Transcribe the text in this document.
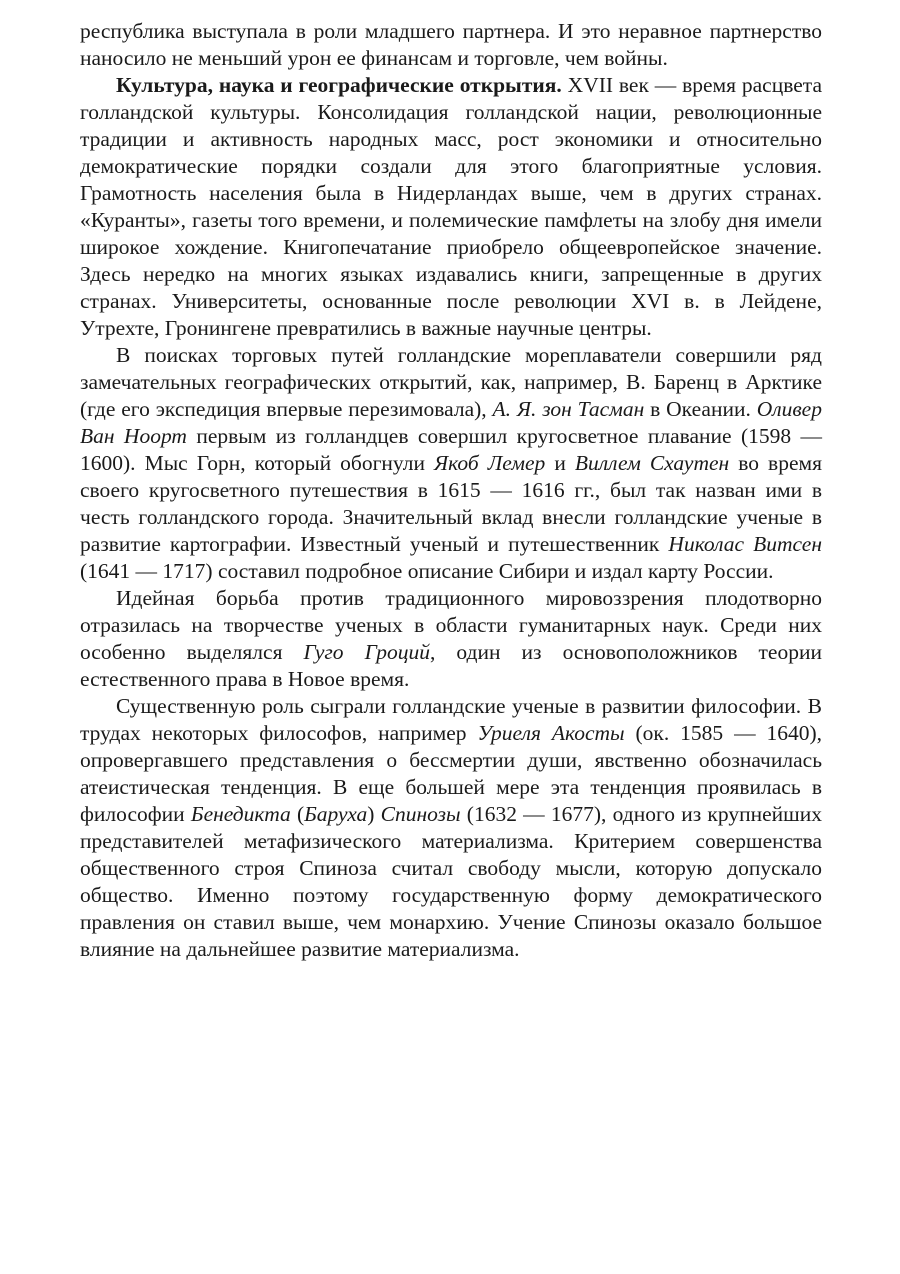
республика выступала в роли младшего партнера. И это неравное партнерство наносило не меньший урон ее финансам и торговле, чем войны.

Культура, наука и географические открытия. XVII век — время расцвета голландской культуры. Консолидация голландской нации, революционные традиции и активность народных масс, рост экономики и относительно демократические порядки создали для этого благоприятные условия. Грамотность населения была в Нидерландах выше, чем в других странах. «Куранты», газеты того времени, и полемические памфлеты на злобу дня имели широкое хождение. Книгопечатание приобрело общеевропейское значение. Здесь нередко на многих языках издавались книги, запрещенные в других странах. Университеты, основанные после революции XVI в. в Лейдене, Утрехте, Гронингене превратились в важные научные центры.

В поисках торговых путей голландские мореплаватели совершили ряд замечательных географических открытий, как, например, В. Баренц в Арктике (где его экспедиция впервые перезимовала), А. Я. зон Тасман в Океании. Оливер Ван Ноорт первым из голландцев совершил кругосветное плавание (1598 — 1600). Мыс Горн, который обогнули Якоб Лемер и Виллем Схаутен во время своего кругосветного путешествия в 1615 — 1616 гг., был так назван ими в честь голландского города. Значительный вклад внесли голландские ученые в развитие картографии. Известный ученый и путешественник Николас Витсен (1641 — 1717) составил подробное описание Сибири и издал карту России.

Идейная борьба против традиционного мировоззрения плодотворно отразилась на творчестве ученых в области гуманитарных наук. Среди них особенно выделялся Гуго Гроций, один из основоположников теории естественного права в Новое время.

Существенную роль сыграли голландские ученые в развитии философии. В трудах некоторых философов, например Уриеля Акосты (ок. 1585 — 1640), опровергавшего представления о бессмертии души, явственно обозначилась атеистическая тенденция. В еще большей мере эта тенденция проявилась в философии Бенедикта (Баруха) Спинозы (1632 — 1677), одного из крупнейших представителей метафизического материализма. Критерием совершенства общественного строя Спиноза считал свободу мысли, которую допускало общество. Именно поэтому государственную форму демократического правления он ставил выше, чем монархию. Учение Спинозы оказало большое влияние на дальнейшее развитие материализма.
